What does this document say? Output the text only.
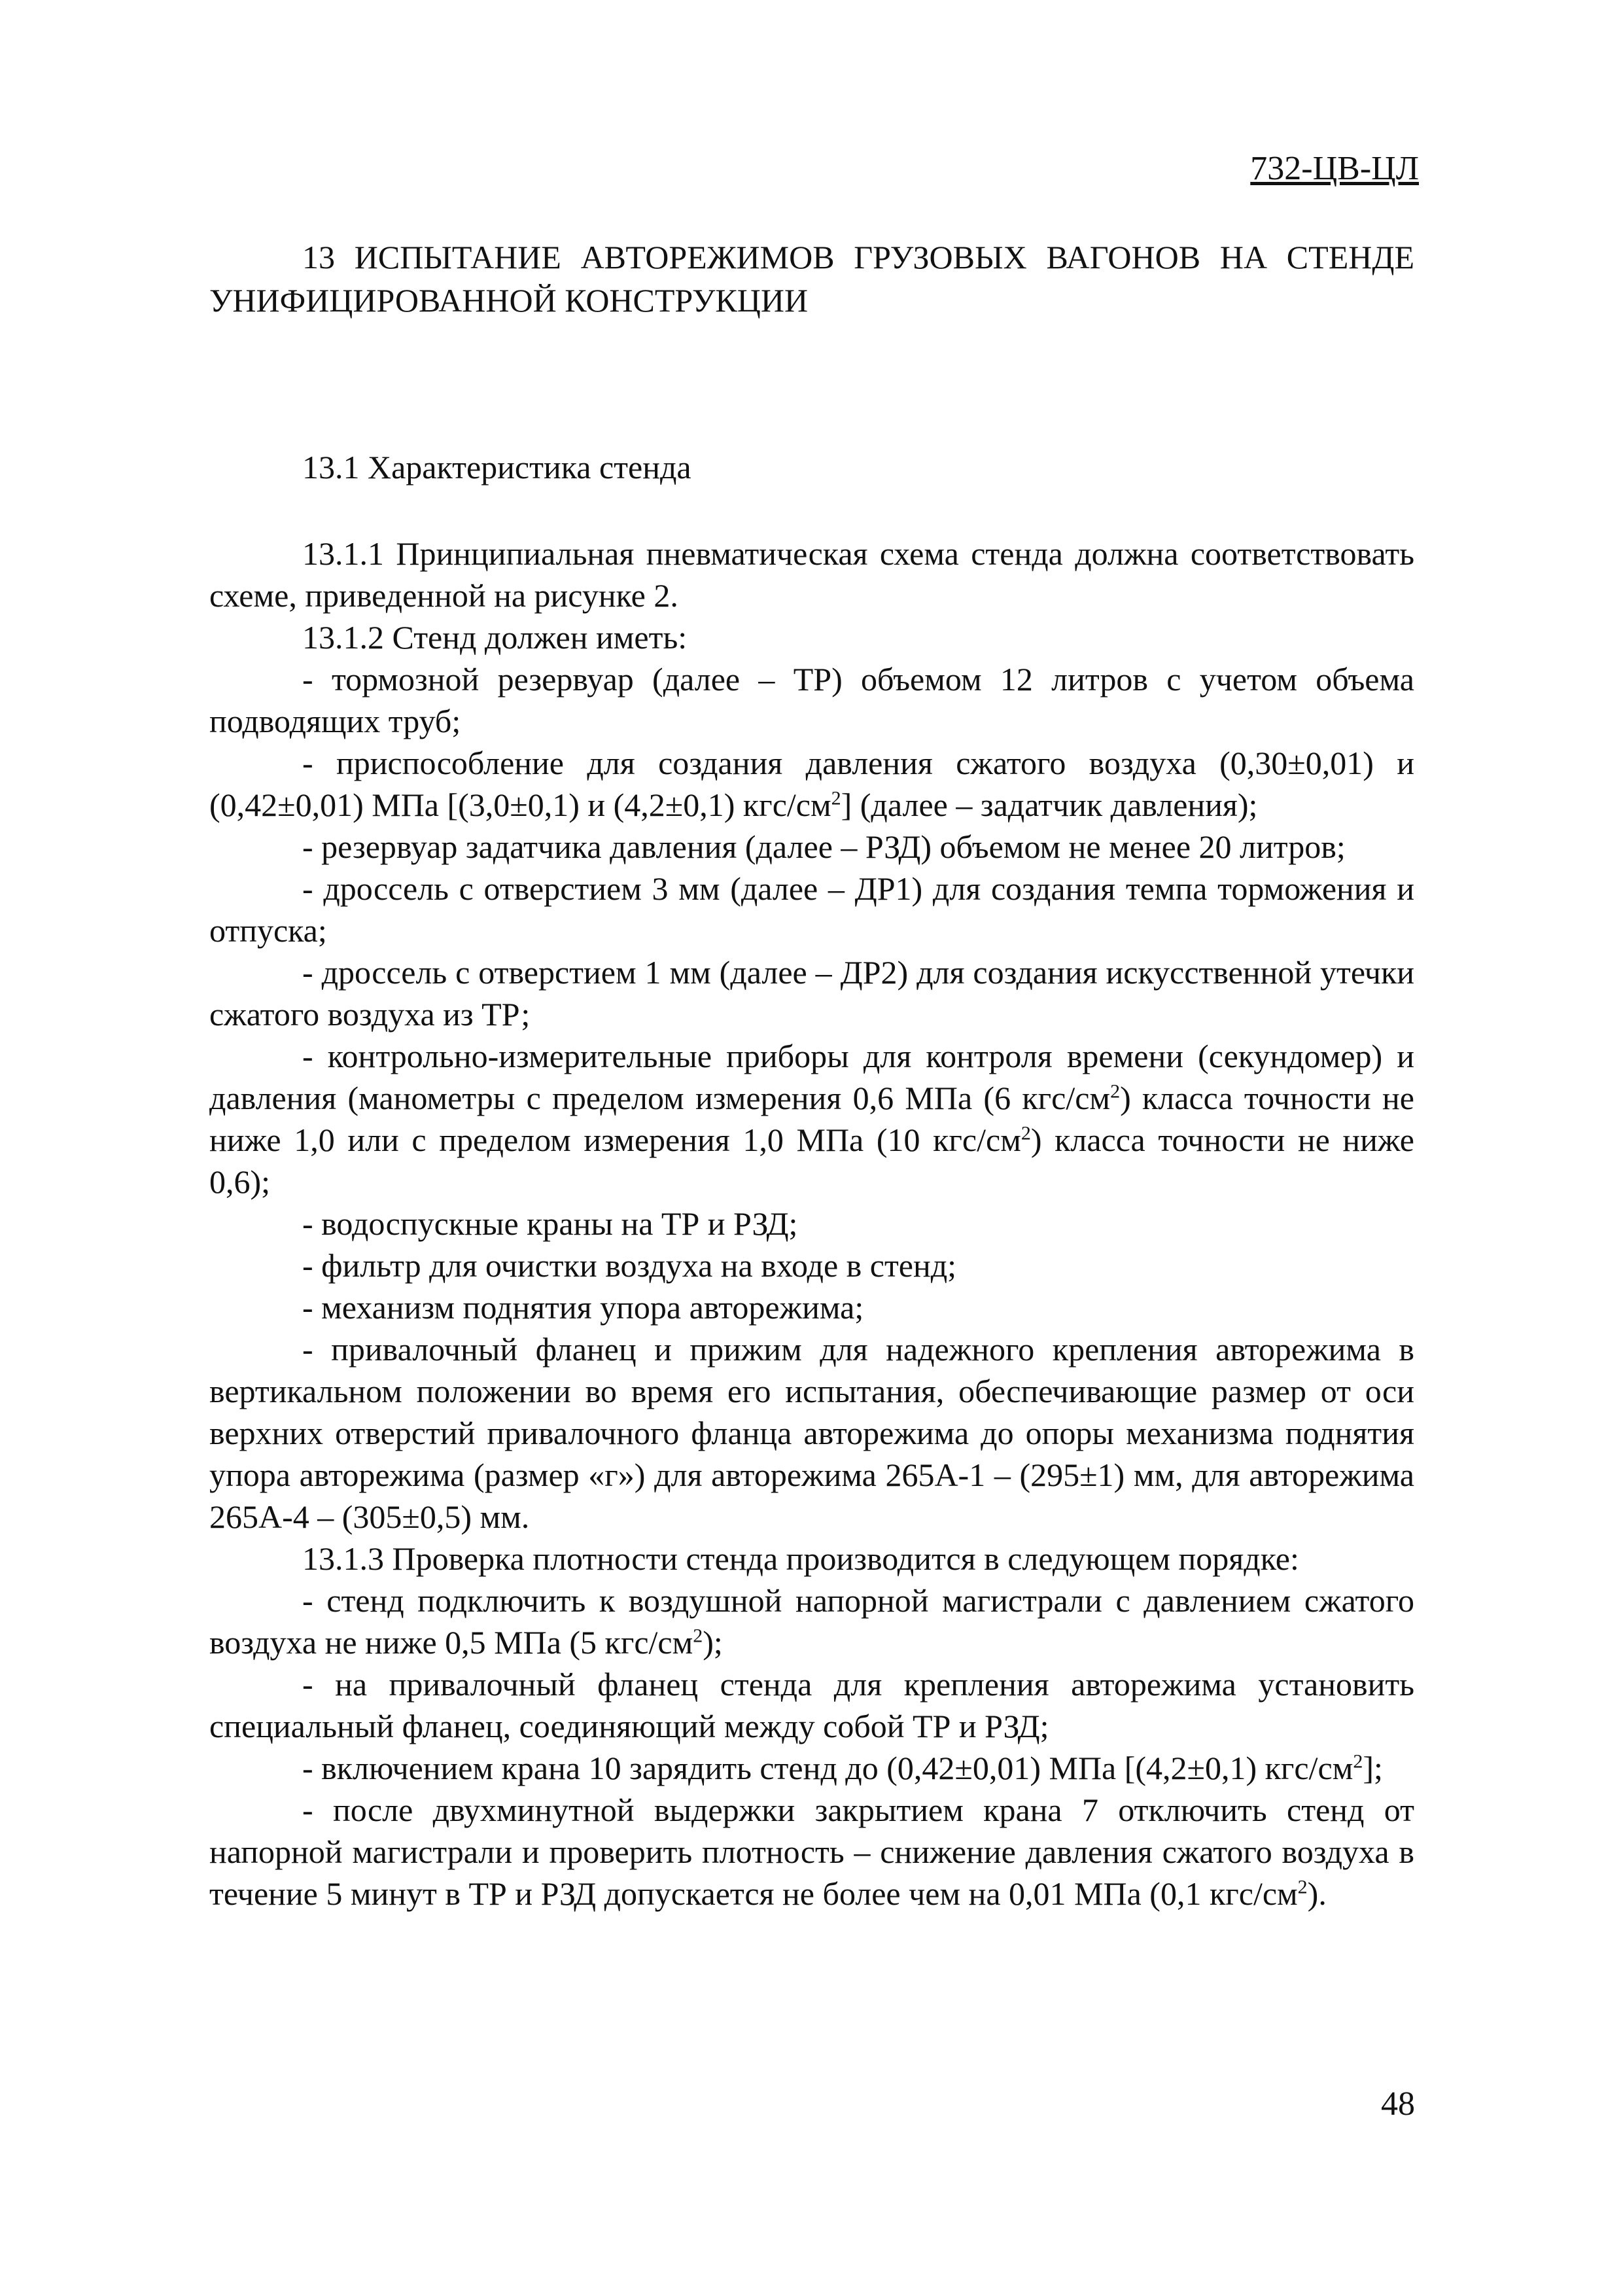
732-ЦВ-ЦЛ

13 ИСПЫТАНИЕ АВТОРЕЖИМОВ ГРУЗОВЫХ ВАГОНОВ НА СТЕНДЕ УНИФИЦИРОВАННОЙ КОНСТРУКЦИИ

13.1 Характеристика стенда

13.1.1 Принципиальная пневматическая схема стенда должна соответствовать схеме, приведенной на рисунке 2.

13.1.2 Стенд должен иметь:

- тормозной резервуар (далее – ТР) объемом 12 литров с учетом объема подводящих труб;

- приспособление для создания давления сжатого воздуха (0,30±0,01) и (0,42±0,01) МПа [(3,0±0,1) и (4,2±0,1) кгс/$см^2$] (далее – задатчик давления);

- резервуар задатчика давления (далее – РЗД) объемом не менее 20 литров;

- дроссель с отверстием 3 мм (далее – ДР1) для создания темпа торможения и отпуска;

- дроссель с отверстием 1 мм (далее – ДР2) для создания искусственной утечки сжатого воздуха из ТР;

- контрольно-измерительные приборы для контроля времени (секундомер) и давления (манометры с пределом измерения 0,6 МПа (6 кгс/$см^2$) класса точности не ниже 1,0 или с пределом измерения 1,0 МПа (10 кгс/$см^2$) класса точности не ниже 0,6);

- водоспускные краны на ТР и РЗД;

- фильтр для очистки воздуха на входе в стенд;

- механизм поднятия упора авторежима;

- привалочный фланец и прижим для надежного крепления авторежима в вертикальном положении во время его испытания, обеспечивающие размер от оси верхних отверстий привалочного фланца авторежима до опоры механизма поднятия упора авторежима (размер «г») для авторежима 265А-1 – (295±1) мм, для авторежима 265А-4 – (305±0,5) мм.

13.1.3 Проверка плотности стенда производится в следующем порядке:

- стенд подключить к воздушной напорной магистрали с давлением сжатого воздуха не ниже 0,5 МПа (5 кгс/$см^2$);

- на привалочный фланец стенда для крепления авторежима установить специальный фланец, соединяющий между собой ТР и РЗД;

- включением крана 10 зарядить стенд до (0,42±0,01) МПа [(4,2±0,1) кгс/$см^2$];

- после двухминутной выдержки закрытием крана 7 отключить стенд от напорной магистрали и проверить плотность – снижение давления сжатого воздуха в течение 5 минут в ТР и РЗД допускается не более чем на 0,01 МПа (0,1 кгс/$см^2$).

48
